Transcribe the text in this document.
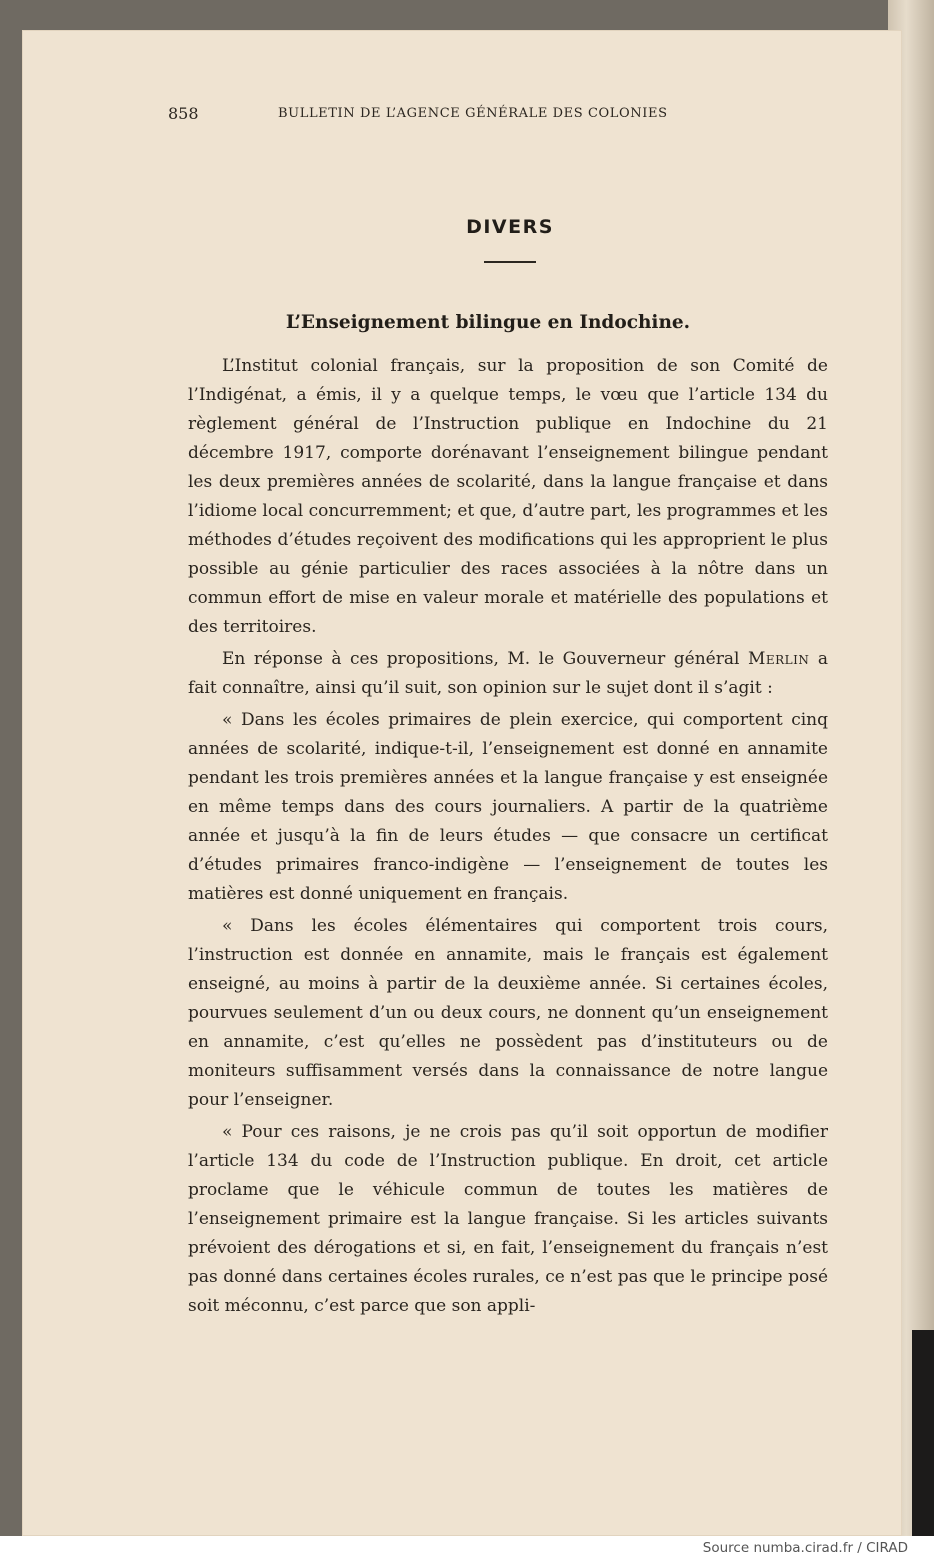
858	BULLETIN DE L’AGENCE GÉNÉRALE DES COLONIES
DIVERS
L’Enseignement bilingue en Indochine.

L’Institut colonial français, sur la proposition de son Comité de l’Indigénat, a émis, il y a quelque temps, le vœu que l’article 134 du règlement général de l’Instruction publique en Indochine du 21 décembre 1917, comporte dorénavant l’enseignement bilingue pendant les deux premières années de scolarité, dans la langue française et dans l’idiome local concurremment; et que, d’autre part, les programmes et les méthodes d’études reçoivent des modifications qui les approprient le plus possible au génie particulier des races associées à la nôtre dans un commun effort de mise en valeur morale et matérielle des populations et des territoires.

En réponse à ces propositions, M. le Gouverneur général Merlin a fait connaître, ainsi qu’il suit, son opinion sur le sujet dont il s’agit :

« Dans les écoles primaires de plein exercice, qui comportent cinq années de scolarité, indique-t-il, l’enseignement est donné en annamite pendant les trois premières années et la langue française y est enseignée en même temps dans des cours journaliers. A partir de la quatrième année et jusqu’à la fin de leurs études — que consacre un certificat d’études primaires franco-indigène — l’enseignement de toutes les matières est donné uniquement en français.

« Dans les écoles élémentaires qui comportent trois cours, l’instruction est donnée en annamite, mais le français est également enseigné, au moins à partir de la deuxième année. Si certaines écoles, pourvues seulement d’un ou deux cours, ne donnent qu’un enseignement en annamite, c’est qu’elles ne possèdent pas d’instituteurs ou de moniteurs suffisamment versés dans la connaissance de notre langue pour l’enseigner.

« Pour ces raisons, je ne crois pas qu’il soit opportun de modifier l’article 134 du code de l’Instruction publique. En droit, cet article proclame que le véhicule commun de toutes les matières de l’enseignement primaire est la langue française. Si les articles suivants prévoient des dérogations et si, en fait, l’enseignement du français n’est pas donné dans certaines écoles rurales, ce n’est pas que le principe posé soit méconnu, c’est parce que son appli-

Source numba.cirad.fr / CIRAD
